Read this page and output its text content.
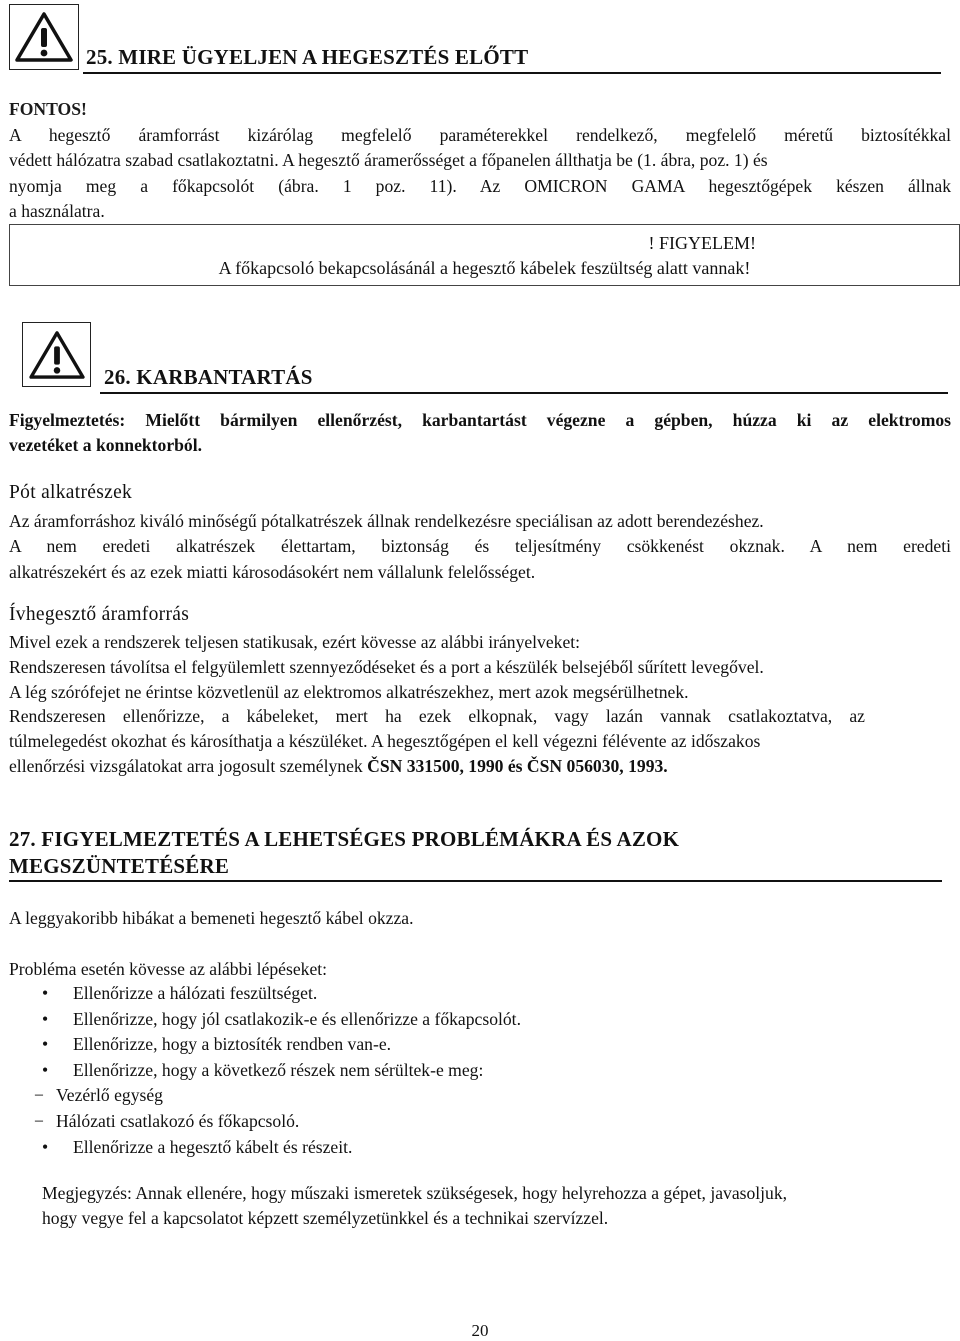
25. MIRE ÜGYELJEN A HEGESZTÉS ELŐTT
FONTOS!
A hegesztő áramforrást kizárólag megfelelő paraméterekkel rendelkező, megfelelő méretű biztosítékkal
védett hálózatra szabad csatlakoztatni. A hegesztő áramerősséget a főpanelen állthatja be (1. ábra, poz. 1) és
nyomja meg a főkapcsolót (ábra. 1 poz. 11). Az OMICRON GAMA hegesztőgépek készen állnak
a használatra.
! FIGYELEM!
A főkapcsoló bekapcsolásánál a hegesztő kábelek feszültség alatt vannak!
26. KARBANTARTÁS
Figyelmeztetés: Mielőtt bármilyen ellenőrzést, karbantartást végezne a gépben, húzza ki az elektromos
vezetéket a konnektorból.
Pót alkatrészek
Az áramforráshoz kiváló minőségű pótalkatrészek állnak rendelkezésre speciálisan az adott berendezéshez.
A nem eredeti alkatrészek élettartam, biztonság és teljesítmény csökkenést okznak. A nem eredeti
alkatrészekért és az ezek miatti károsodásokért nem vállalunk felelősséget.
Ívhegesztő áramforrás
Mivel ezek a rendszerek teljesen statikusak, ezért kövesse az alábbi irányelveket:
Rendszeresen távolítsa el felgyülemlett szennyeződéseket és a port a készülék belsejéből sűrített levegővel.
A lég szórófejet ne érintse közvetlenül az elektromos alkatrészekhez, mert azok megsérülhetnek.
Rendszeresen ellenőrizze, a kábeleket, mert ha ezek elkopnak, vagy lazán vannak csatlakoztatva, az
túlmelegedést okozhat és károsíthatja a készüléket. A hegesztőgépen el kell végezni félévente az időszakos
ellenőrzési vizsgálatokat arra jogosult személynek ČSN 331500, 1990 és ČSN 056030, 1993.
27. FIGYELMEZTETÉS A LEHETSÉGES PROBLÉMÁKRA ÉS AZOK
MEGSZÜNTETÉSÉRE
A leggyakoribb hibákat a bemeneti hegesztő kábel okzza.
Probléma esetén kövesse az alábbi lépéseket:
•	Ellenőrizze a hálózati feszültséget.
•	Ellenőrizze, hogy jól csatlakozik-e és ellenőrizze a főkapcsolót.
•	Ellenőrizze, hogy a biztosíték rendben van-e.
•	Ellenőrizze, hogy a következő részek nem sérültek-e meg:
− Vezérlő egység
− Hálózati csatlakozó és főkapcsoló.
•	Ellenőrizze a hegesztő kábelt és részeit.
Megjegyzés: Annak ellenére, hogy műszaki ismeretek szükségesek, hogy helyrehozza a gépet, javasoljuk,
hogy vegye fel a kapcsolatot képzett személyzetünkkel és a technikai szervízzel.
20
